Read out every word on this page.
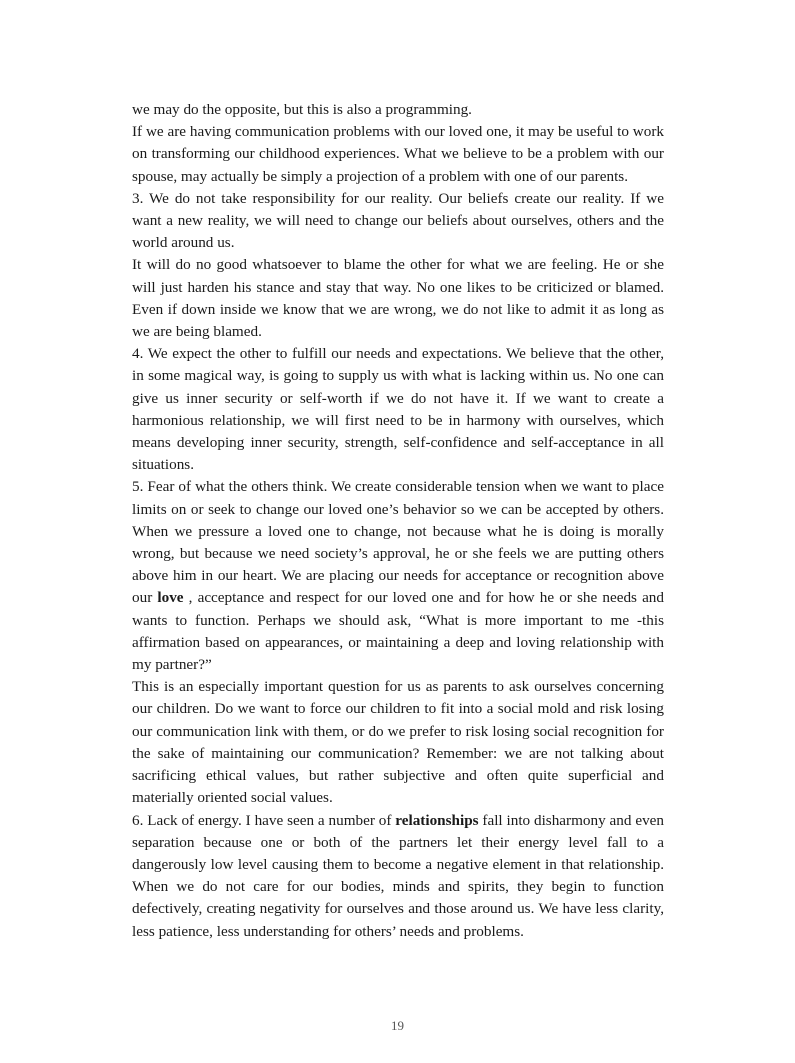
we may do the opposite, but this is also a programming.

If we are having communication problems with our loved one, it may be useful to work on transforming our childhood experiences. What we believe to be a problem with our spouse, may actually be simply a projection of a problem with one of our parents.

3. We do not take responsibility for our reality. Our beliefs create our reality. If we want a new reality, we will need to change our beliefs about ourselves, others and the world around us.

It will do no good whatsoever to blame the other for what we are feeling. He or she will just harden his stance and stay that way. No one likes to be criticized or blamed. Even if down inside we know that we are wrong, we do not like to admit it as long as we are being blamed.

4. We expect the other to fulfill our needs and expectations. We believe that the other, in some magical way, is going to supply us with what is lacking within us. No one can give us inner security or self-worth if we do not have it. If we want to create a harmonious relationship, we will first need to be in harmony with ourselves, which means developing inner security, strength, self-confidence and self-acceptance in all situations.

5. Fear of what the others think. We create considerable tension when we want to place limits on or seek to change our loved one’s behavior so we can be accepted by others. When we pressure a loved one to change, not because what he is doing is morally wrong, but because we need society’s approval, he or she feels we are putting others above him in our heart. We are placing our needs for acceptance or recognition above our love , acceptance and respect for our loved one and for how he or she needs and wants to function. Perhaps we should ask, “What is more important to me -this affirmation based on appearances, or maintaining a deep and loving relationship with my partner?”

This is an especially important question for us as parents to ask ourselves concerning our children. Do we want to force our children to fit into a social mold and risk losing our communication link with them, or do we prefer to risk losing social recognition for the sake of maintaining our communication? Remember: we are not talking about sacrificing ethical values, but rather subjective and often quite superficial and materially oriented social values.

6. Lack of energy. I have seen a number of relationships fall into disharmony and even separation because one or both of the partners let their energy level fall to a dangerously low level causing them to become a negative element in that relationship. When we do not care for our bodies, minds and spirits, they begin to function defectively, creating negativity for ourselves and those around us. We have less clarity, less patience, less understanding for others’ needs and problems.

19
